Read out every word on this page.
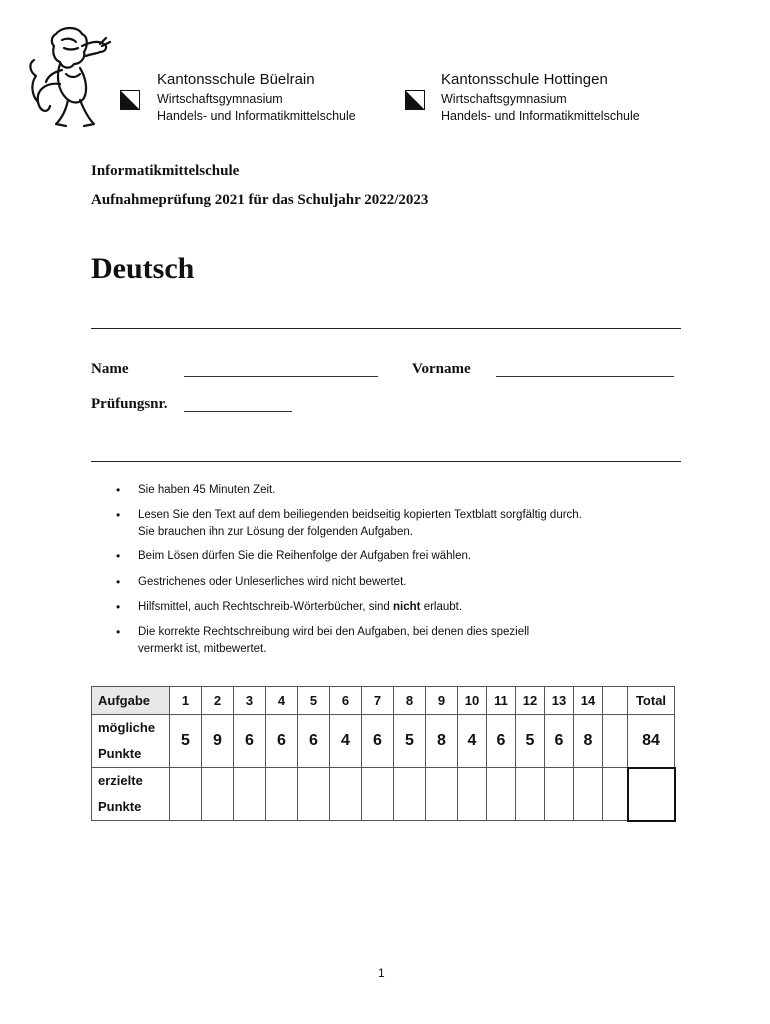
Kantonsschule Büelrain
Wirtschaftsgymnasium
Handels- und Informatikmittelschule
Kantonsschule Hottingen
Wirtschaftsgymnasium
Handels- und Informatikmittelschule
Informatikmittelschule
Aufnahmeprüfung 2021 für das Schuljahr 2022/2023
Deutsch
Name	Vorname
Prüfungsnr.
• Sie haben 45 Minuten Zeit.
• Lesen Sie den Text auf dem beiliegenden beidseitig kopierten Textblatt sorgfältig durch.
Sie brauchen ihn zur Lösung der folgenden Aufgaben.
• Beim Lösen dürfen Sie die Reihenfolge der Aufgaben frei wählen.
• Gestrichenes oder Unleserliches wird nicht bewertet.
• Hilfsmittel, auch Rechtschreib-Wörterbücher, sind nicht erlaubt.
• Die korrekte Rechtschreibung wird bei den Aufgaben, bei denen dies speziell
vermerkt ist, mitbewertet.
Aufgabe	1	2	3	4	5	6	7	8	9	10	11	12	13	14		Total
mögliche
Punkte	5	9	6	6	6	4	6	5	8	4	6	5	6	8		84
erzielte
Punkte																
1
